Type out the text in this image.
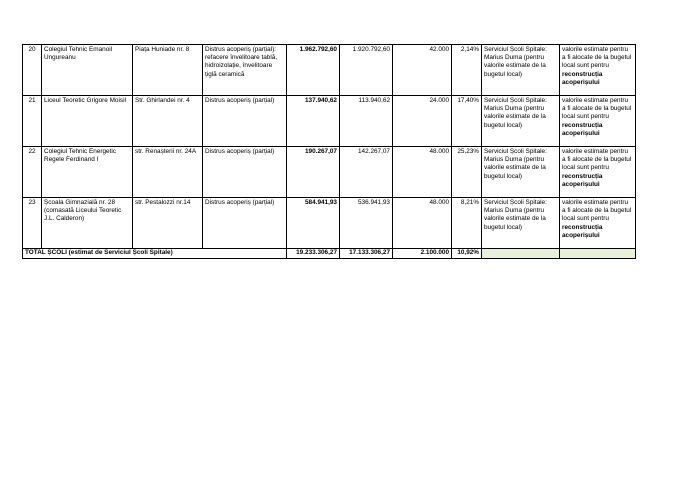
20	Colegiul Tehnic Emanoil Ungureanu	Piața Huniade nr. 8	Distrus acoperiș (parțial): refacere învelitoare tablă, hidroizolație, învelitoare țiglă ceramică	1.962.792,60	1.920.792,60	42.000	2,14%	Serviciul Școli Spitale: Marius Duma (pentru valorile estimate de la bugetul local)	valorile estimate pentru a fi alocate de la bugetul local sunt pentru reconstrucția acoperișului
21	Liceul Teoretic Grigore Moisil	Str. Ghirlandei nr. 4	Distrus acoperiș (parțial)	137.940,62	113.940,62	24.000	17,40%	Serviciul Școli Spitale: Marius Duma (pentru valorile estimate de la bugetul local)	valorile estimate pentru a fi alocate de la bugetul local sunt pentru reconstrucția acoperișului
22	Colegiul Tehnic Energetic Regele Ferdinand I	str. Renașterii nr. 24A	Distrus acoperiș (parțial)	190.267,07	142.267,07	48.000	25,23%	Serviciul Școli Spitale: Marius Duma (pentru valorile estimate de la bugetul local)	valorile estimate pentru a fi alocate de la bugetul local sunt pentru reconstrucția acoperișului
23	Școala Gimnazială nr. 28 (comasată Liceului Teoretic J.L. Calderon)	str. Pestalozzi nr.14	Distrus acoperiș (parțial)	584.941,93	536.941,93	48.000	8,21%	Serviciul Școli Spitale: Marius Duma (pentru valorile estimate de la bugetul local)	valorile estimate pentru a fi alocate de la bugetul local sunt pentru reconstrucția acoperișului
TOTAL ȘCOLI (estimat de Serviciul Școli Spitale)				19.233.306,27	17.133.306,27	2.100.000	10,92%		
